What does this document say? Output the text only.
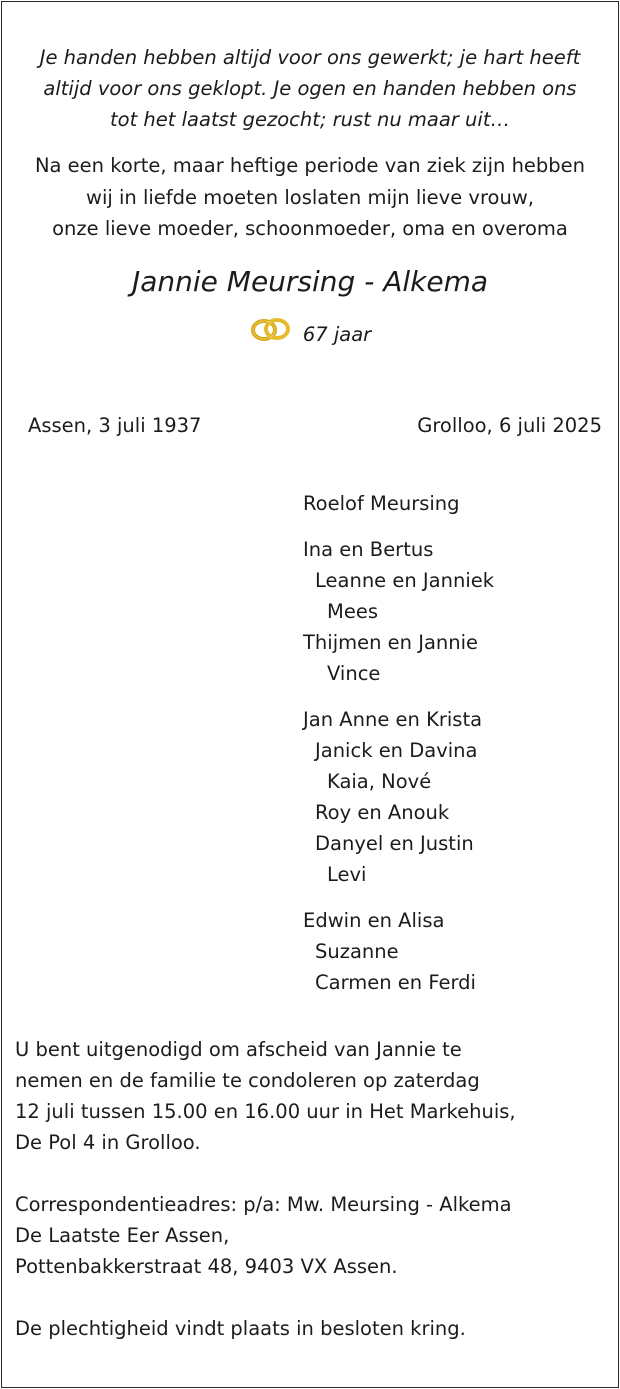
Je handen hebben altijd voor ons gewerkt; je hart heeft
altijd voor ons geklopt. Je ogen en handen hebben ons
tot het laatst gezocht; rust nu maar uit…
Na een korte, maar heftige periode van ziek zijn hebben
wij in liefde moeten loslaten mijn lieve vrouw,
onze lieve moeder, schoonmoeder, oma en overoma
Jannie Meursing - Alkema
67 jaar
Assen, 3 juli 1937	Grolloo, 6 juli 2025
Roelof Meursing
Ina en Bertus
Leanne en Janniek
Mees
Thijmen en Jannie
Vince
Jan Anne en Krista
Janick en Davina
Kaia, Nové
Roy en Anouk
Danyel en Justin
Levi
Edwin en Alisa
Suzanne
Carmen en Ferdi

U bent uitgenodigd om afscheid van Jannie te
nemen en de familie te condoleren op zaterdag
12 juli tussen 15.00 en 16.00 uur in Het Markehuis,
De Pol 4 in Grolloo.

Correspondentieadres: p/a: Mw. Meursing - Alkema
De Laatste Eer Assen,
Pottenbakkerstraat 48, 9403 VX Assen.

De plechtigheid vindt plaats in besloten kring.
